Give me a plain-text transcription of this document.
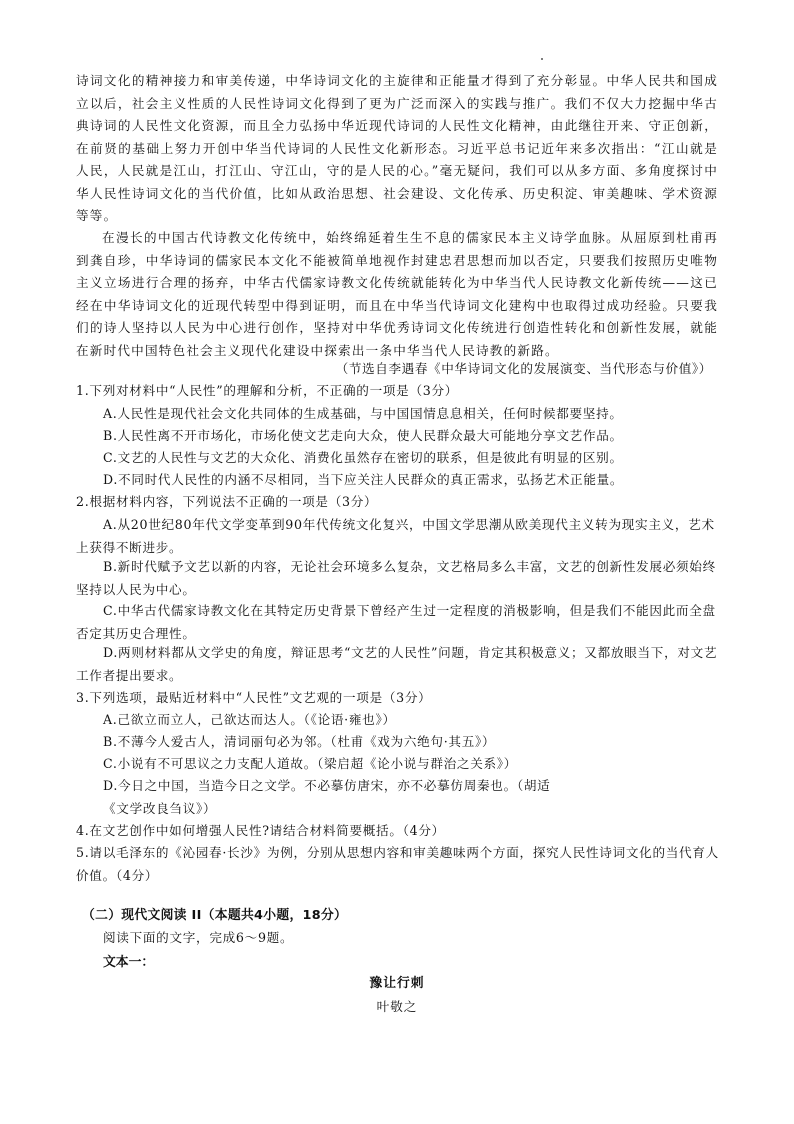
诗词文化的精神接力和审美传递，中华诗词文化的主旋律和正能量才得到了充分彰显。中华人民共和国成立以后，社会主义性质的人民性诗词文化得到了更为广泛而深入的实践与推广。我们不仅大力挖掘中华古典诗词的人民性文化资源，而且全力弘扬中华近现代诗词的人民性文化精神，由此继往开来、守正创新，在前贤的基础上努力开创中华当代诗词的人民性文化新形态。习近平总书记近年来多次指出：“江山就是人民，人民就是江山，打江山、守江山，守的是人民的心。”毫无疑问，我们可以从多方面、多角度探讨中华人民性诗词文化的当代价值，比如从政治思想、社会建设、文化传承、历史积淀、审美趣味、学术资源等等。

在漫长的中国古代诗教文化传统中，始终绵延着生生不息的儒家民本主义诗学血脉。从屈原到杜甫再到龚自珍，中华诗词的儒家民本文化不能被简单地视作封建忠君思想而加以否定，只要我们按照历史唯物主义立场进行合理的扬弃，中华古代儒家诗教文化传统就能转化为中华当代人民诗教文化新传统——这已经在中华诗词文化的近现代转型中得到证明，而且在中华当代诗词文化建构中也取得过成功经验。只要我们的诗人坚持以人民为中心进行创作，坚持对中华优秀诗词文化传统进行创造性转化和创新性发展，就能在新时代中国特色社会主义现代化建设中探索出一条中华当代人民诗教的新路。

（节选自李遇春《中华诗词文化的发展演变、当代形态与价值》）

1.下列对材料中“人民性”的理解和分析，不正确的一项是（3分）

A.人民性是现代社会文化共同体的生成基础，与中国国情息息相关，任何时候都要坚持。

B.人民性离不开市场化，市场化使文艺走向大众，使人民群众最大可能地分享文艺作品。

C.文艺的人民性与文艺的大众化、消费化虽然存在密切的联系，但是彼此有明显的区别。

D.不同时代人民性的内涵不尽相同，当下应关注人民群众的真正需求，弘扬艺术正能量。

2.根据材料内容，下列说法不正确的一项是（3分）

A.从20世纪80年代文学变革到90年代传统文化复兴，中国文学思潮从欧美现代主义转为现实主义，艺术上获得不断进步。

B.新时代赋予文艺以新的内容，无论社会环境多么复杂，文艺格局多么丰富，文艺的创新性发展必须始终坚持以人民为中心。

C.中华古代儒家诗教文化在其特定历史背景下曾经产生过一定程度的消极影响，但是我们不能因此而全盘否定其历史合理性。

D.两则材料都从文学史的角度，辩证思考“文艺的人民性”问题，肯定其积极意义；又都放眼当下，对文艺工作者提出要求。

3.下列选项，最贴近材料中“人民性”文艺观的一项是（3分）

A.己欲立而立人，己欲达而达人。（《论语·雍也》）

B.不薄今人爱古人，清词丽句必为邻。（杜甫《戏为六绝句·其五》）

C.小说有不可思议之力支配人道故。（梁启超《论小说与群治之关系》）

D.今日之中国，当造今日之文学。不必摹仿唐宋，亦不必摹仿周秦也。（胡适《文学改良刍议》）

4.在文艺创作中如何增强人民性?请结合材料简要概括。（4分）

5.请以毛泽东的《沁园春·长沙》为例，分别从思想内容和审美趣味两个方面，探究人民性诗词文化的当代育人价值。（4分）

（二）现代文阅读 II（本题共4小题，18分）
阅读下面的文字，完成6～9题。
文本一：
豫让行刺
叶敬之
